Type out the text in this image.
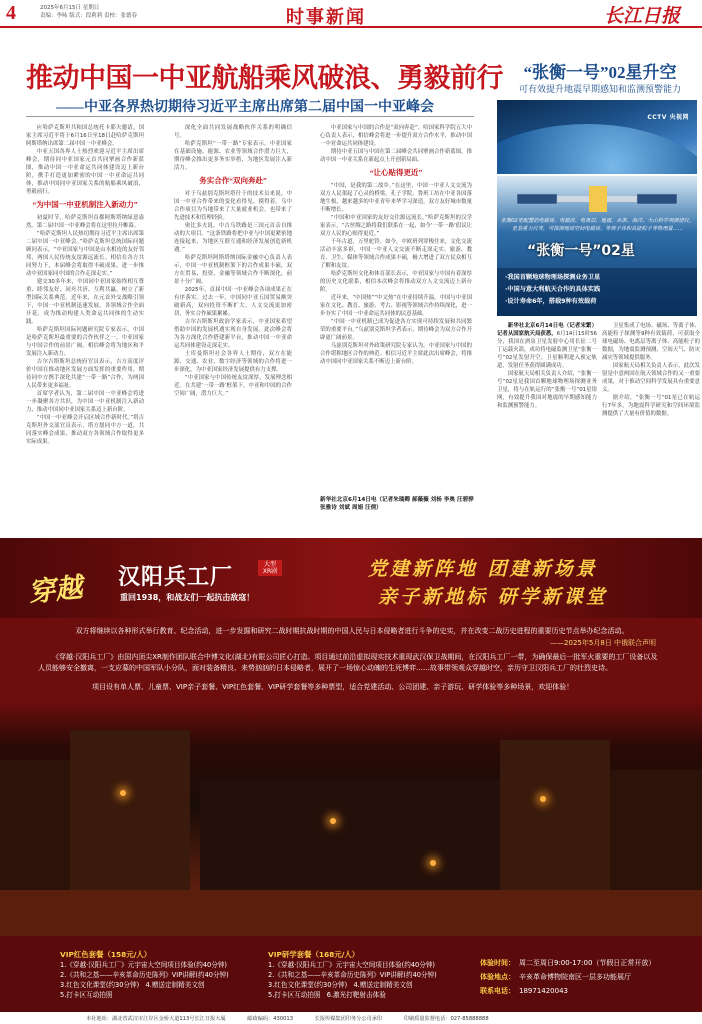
4	2025年6月15日 星期日
责编：李咏 版式：段莉莉 责校：张德春	时事新闻	长江日报
推动中国一中亚航船乘风破浪、勇毅前行
——中亚各界热切期待习近平主席出席第二届中国一中亚峰会

应哈萨克斯坦共和国总统托卡耶夫邀请，国家主席习近平将于6月16日至18日赴哈萨克斯坦阿斯塔纳出席第二届中国一中亚峰会。

中亚五国各界人士热烈欢迎习近平主席出席峰会，期待同中亚国家元首共同擘画合作新蓝图，推动中国一中亚命运共同体建设迈上新台阶，携手打造更加紧密的中国一中亚命运共同体，推动中国同中亚国家关系的航船乘风破浪、勇毅前行。

“为中国一中亚机制注入新动力”

初夏时节，哈萨克斯坦首都阿斯塔纳绿意盎然。第二届中国一中亚峰会将在这里拉开帷幕。

“哈萨克斯坦人民热切期待习近平主席出席第二届中国一中亚峰会。”哈萨克斯坦总统国际问题顾问表示，“中亚国家与中国是山水相连的友好邻邦，两国人民传统友谊源远流长。相信在各方共同努力下，本届峰会将取得丰硕成果，进一步推动中亚国家同中国的合作走深走实。”

建交30多年来，中国同中亚国家始终相互尊重、睦邻友好、同舟共济、互利共赢，树立了新型国际关系典范。近年来，在元首外交战略引领下，中国一中亚机制迅速发展，各领域合作全面开花，成为推动构建人类命运共同体的生动实践。

哈萨克斯坦国际问题研究院专家表示，中国是哈萨克斯坦最重要的合作伙伴之一，中亚国家与中国合作的前景广阔。相信峰会将为地区和平发展注入新动力。

吉尔吉斯斯坦总统府官员表示，吉方高度评价中国在推动地区发展方面发挥的重要作用，期待同中方携手深化共建“一带一路”合作，为两国人民带来更多福祉。

首席学者认为，第二届中国一中亚峰会将进一步凝聚各方共识，为中国一中亚机制注入新动力，推动中国同中亚国家关系迈上新台阶。

“中国一中亚峰会开启区域合作新时代。”塔吉克斯坦外交部官员表示，塔方愿同中方一道，共同落实峰会成果，推动双方各领域合作取得更多实际成果。

深化全面共同发展战略伙伴关系的明确信号。

哈萨克斯坦“一带一路”专家表示，中亚国家在基础设施、能源、农业等领域合作潜力巨大，期待峰会推出更多务实举措，为地区发展注入新活力。

务实合作“双向奔赴”

对于乌兹别克斯坦塔什干的技术员来说，中国一中亚合作带来的变化看得见、摸得着。乌中合作项目为当地带来了大量就业机会，也带来了先进技术和管理经验。

奥比多夫说，中吉乌铁路是三国元首亲自推动的大项目。“这条铁路将把中亚与中国更紧密地连接起来，为地区互联互通和经济发展创造新机遇。”

哈萨克斯坦阿斯塔纳国际金融中心负责人表示，中国一中亚机制框架下的合作成果丰硕，双方在贸易、投资、金融等领域合作不断深化，前景十分广阔。

2025年，首届中国一中亚峰会各项成果正在有序落实。过去一年，中国同中亚五国贸易额突破新高，双向投资不断扩大，人文交流更加密切，务实合作硕果累累。

吉尔吉斯斯坦政治学家表示，中亚国家希望借助中国的发展机遇实现自身发展。此次峰会将为各方深化合作搭建新平台，推动中国一中亚命运共同体建设走深走实。

土库曼斯坦社会各界人士期待，双方在能源、交通、农业、数字经济等领域的合作将进一步深化，为中亚国家经济发展提供有力支撑。

“中亚国家与中国传统友谊深厚，发展理念相近。在共建‘一带一路’框架下，中亚和中国的合作空间广阔，潜力巨大。”

中亚国家与中国的合作是“双向奔赴”。哈国家科学院五大中心负责人表示，相信峰会将进一步提升双方合作水平，推动中国一中亚命运共同体建设。

期待中亚五国与中国在第二届峰会共同擘画合作新蓝图，推动中国一中亚关系在新起点上开创新局面。

“让心贴得更近”

“中国，是我的第二故乡。”在这里，中国一中亚人文交流为双方人民架起了心灵的桥梁。孔子学院、鲁班工坊在中亚各国落地生根，越来越多的中亚青年来华学习深造，双方友好城市数量不断增长。

“中国和中亚国家的友好交往源远流长。”哈萨克斯坦的汉学家表示，“古丝绸之路将我们联系在一起，如今‘一带一路’倡议让双方人民的心贴得更近。”

千年古道，万里驼铃。如今，中欧班列穿梭往来，文化交流活动丰富多彩，中国一中亚人文交流不断走深走实。旅游、教育、卫生、媒体等领域合作成果丰硕，极大增进了双方民众相互了解和友谊。

哈萨克斯坦文化和体育部长表示，中亚国家与中国有着深厚的历史文化联系，相信本次峰会将推动双方人文交流迈上新台阶。

近年来，“中国热”“中文热”在中亚持续升温。中国与中亚国家在文化、教育、旅游、考古、影视等领域合作持续深化，进一步夯实了中国一中亚命运共同体的民意基础。

“中国一中亚机制已成为促进各方实现可持续发展和共同繁荣的重要平台。”乌兹别克斯坦学者表示，期待峰会为双方合作开辟更广阔前景。

乌兹别克斯坦对外政策研究院专家认为，中亚国家与中国的合作堪称地区合作的典范。相信习近平主席此次出席峰会，将推动中国同中亚国家关系不断迈上新台阶。

新华社北京6月14日电（记者朱瑞卿 郝薇薇 刘杨 李奥 汪碧骅 张雅诗 刘斌 周娟 汪倩）
“张衡一号”02星升空
可有效提升地震早期感知和监测预警能力
CCTV 央视网
“张衡一号”02星
·我国首颗地球物理场探测业务卫星
·中国与意大利航天合作的具体实践
·设计寿命6年，搭载9种有效载荷
张衡02星配置的电磁场、电磁波、电离层、地震、水准、海洋、大山科学观测谱仪、星基重力仪等，可探测地球空间电磁场、等离子体和高能粒子等物理量……

新华社北京6月14日电（记者宋繁）记者从国家航天局获悉，6月14日15时56分，我国在酒泉卫星发射中心用长征二号丁运载火箭，成功将电磁监测卫星“张衡一号”02星发射升空。卫星顺利进入预定轨道，发射任务获得圆满成功。

国家航天局相关负责人介绍，“张衡一号”02星是我国首颗地球物理场探测业务卫星，将与在轨运行的“张衡一号”01星组网，有效提升我国对地震的早期感知能力和监测预警能力。

卫星集成了电场、磁场、等离子体、高能粒子探测等9种有效载荷，可获取全球电磁场、电离层等离子体、高能粒子的数据，为地震监测预测、空间天气、防灾减灾等领域提供服务。

国家航天局相关负责人表示，此次发射是中意两国在航天领域合作的又一重要成果，对于推动空间科学发展具有重要意义。

据介绍，“张衡一号”01星已在轨运行7年多，为地震科学研究和空间环境监测提供了大量有价值的数据。

穿越 汉阳兵工厂	大型XR剧
重回1938，和战友们一起抗击敌寇！
党建新阵地 团建新场景
亲子新地标 研学新课堂
双方将继续以各种形式举行教育、纪念活动，进一步发掘和研究二战时期抗战时期的中国人民与日本侵略者进行斗争的史实，并在改变二战历史进程的重要历史节点举办纪念活动。
——2025年5月8日 中俄联合声明
《穿越·汉阳兵工厂》由国内顶尖XR制作团队联合中博文化(湖北)有限公司匠心打造。项目通过前沿虚拟现实技术重现武汉保卫战期间，在汉阳兵工厂一带，为确保最后一批军火重要的工厂设备以及人员能够安全撤离，一支应募的中国军队小分队，面对装备精良、来势汹汹的日本侵略者，展开了一场惊心动魄的生死博弈……故事带领观众穿越时空，亲历守卫汉阳兵工厂的壮烈史诗。
项目设有单人票、儿童票、VIP亲子套餐、VIP红色套餐、VIP研学套餐等多种票型，适合党建活动、公司团建、亲子游玩、研学体验等多种场景，欢迎体验！
VIP红色套餐（158元/人）
1.《穿越·汉阳兵工厂》元宇宙大空间项目体验(约40分钟)
2.《共和之基——辛亥革命历史陈列》VIP讲解(约40分钟)
3.红色文化课堂(约30分钟) 4.赠送定制精美文创
5.打卡区互动拍照
VIP研学套餐（168元/人）
1.《穿越·汉阳兵工厂》元宇宙大空间项目体验(约40分钟)
2.《共和之基——辛亥革命历史陈列》VIP讲解(约40分钟)
3.红色文化课堂(约30分钟) 4.赠送定制精美文创
5.打卡区互动拍照 6.激光打靶射击体验
体验时间： 周二至周日9:00-17:00（节假日正常开放）
体验地点： 辛亥革命博物院南区一层多功能展厅
联系电话： 18971420043
本社地址：湖北省武汉市江岸区金桥大道113号长江日报大厦	邮政编码：430013	长报传媒集团印务分公司承印	印刷质量监督电话：027-85888888
